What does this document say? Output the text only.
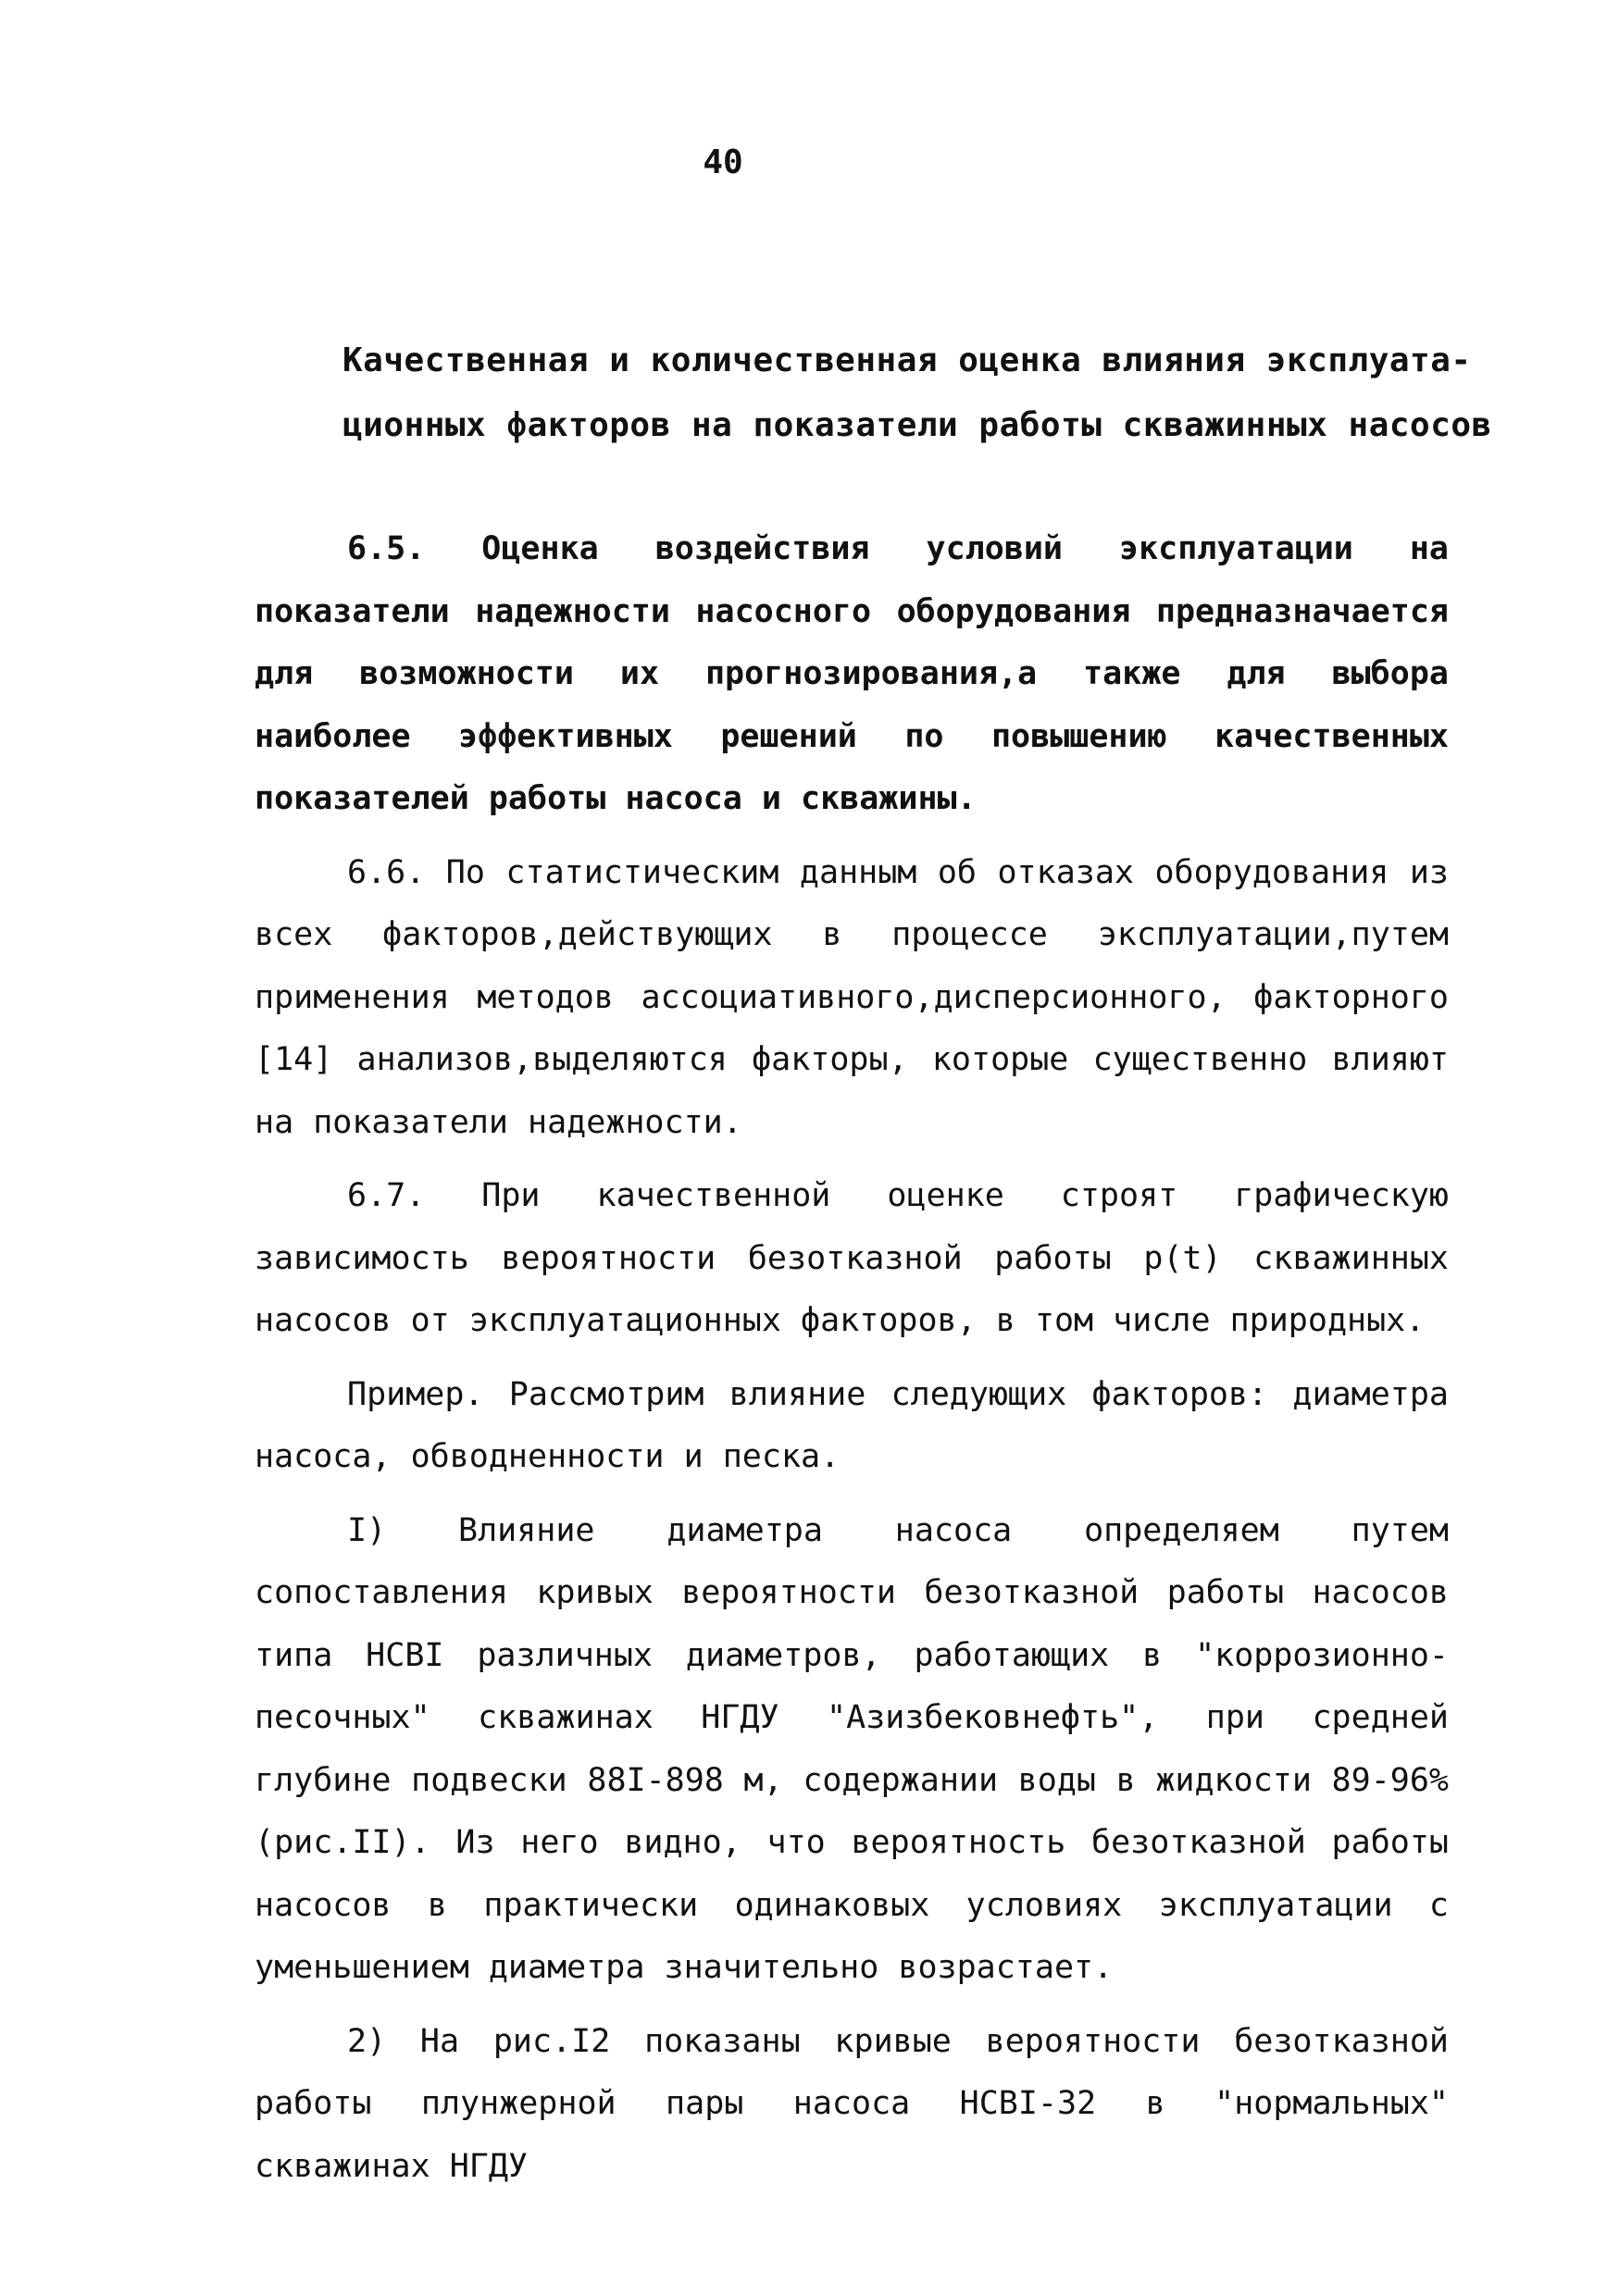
40
Качественная и количественная оценка влияния эксплуата-
ционных факторов на показатели работы скважинных насосов

6.5. Оценка воздействия условий эксплуатации на показатели надежности насосного оборудования предназначается для возможности их прогнозирования,а также для выбора наиболее эффективных решений по повышению качественных показателей работы насоса и скважины.

6.6. По статистическим данным об отказах оборудования из всех факторов,действующих в процессе эксплуатации,путем применения методов ассоциативного,дисперсионного, факторного [14] анализов,выделяются факторы, которые существенно влияют на показатели надежности.

6.7. При качественной оценке строят графическую зависимость вероятности безотказной работы p(t) скважинных насосов от эксплуатационных факторов, в том числе природных.

Пример. Рассмотрим влияние следующих факторов: диаметра насоса, обводненности и песка.

I) Влияние диаметра насоса определяем путем сопоставления кривых вероятности безотказной работы насосов типа НСВI различных диаметров, работающих в "коррозионно-песочных" скважинах НГДУ "Азизбековнефть", при средней глубине подвески 88I-898 м, содержании воды в жидкости 89-96% (рис.II). Из него видно, что вероятность безотказной работы насосов в практически одинаковых условиях эксплуатации с уменьшением диаметра значительно возрастает.

2) На рис.I2 показаны кривые вероятности безотказной работы плунжерной пары насоса НСВI-32 в "нормальных" скважинах НГДУ
